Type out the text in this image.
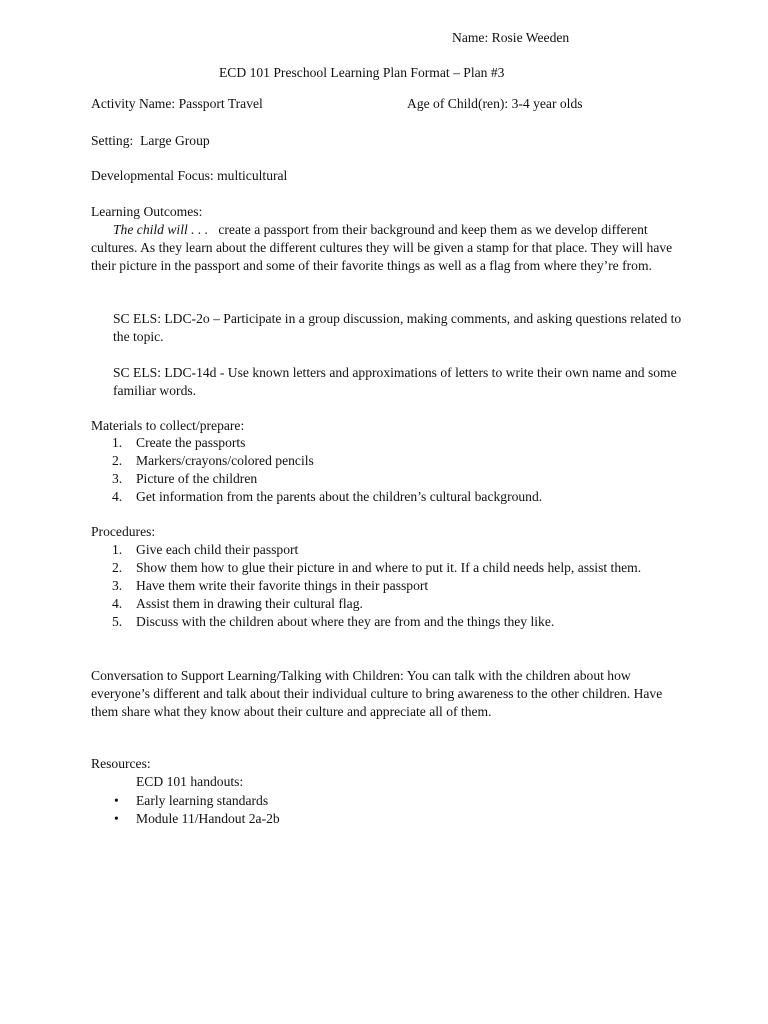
Name: Rosie Weeden
ECD 101 Preschool Learning Plan Format – Plan #3
Activity Name: Passport Travel	Age of Child(ren): 3-4 year olds
Setting: Large Group
Developmental Focus: multicultural
Learning Outcomes:
The child will . . . create a passport from their background and keep them as we develop different cultures. As they learn about the different cultures they will be given a stamp for that place. They will have their picture in the passport and some of their favorite things as well as a flag from where they’re from.
SC ELS: LDC-2o – Participate in a group discussion, making comments, and asking questions related to the topic.
SC ELS: LDC-14d - Use known letters and approximations of letters to write their own name and some familiar words.
Materials to collect/prepare:
1. Create the passports
2. Markers/crayons/colored pencils
3. Picture of the children
4. Get information from the parents about the children’s cultural background.
Procedures:
1. Give each child their passport
2. Show them how to glue their picture in and where to put it. If a child needs help, assist them.
3. Have them write their favorite things in their passport
4. Assist them in drawing their cultural flag.
5. Discuss with the children about where they are from and the things they like.
Conversation to Support Learning/Talking with Children: You can talk with the children about how everyone’s different and talk about their individual culture to bring awareness to the other children. Have them share what they know about their culture and appreciate all of them.
Resources:
ECD 101 handouts:
• Early learning standards
• Module 11/Handout 2a-2b
